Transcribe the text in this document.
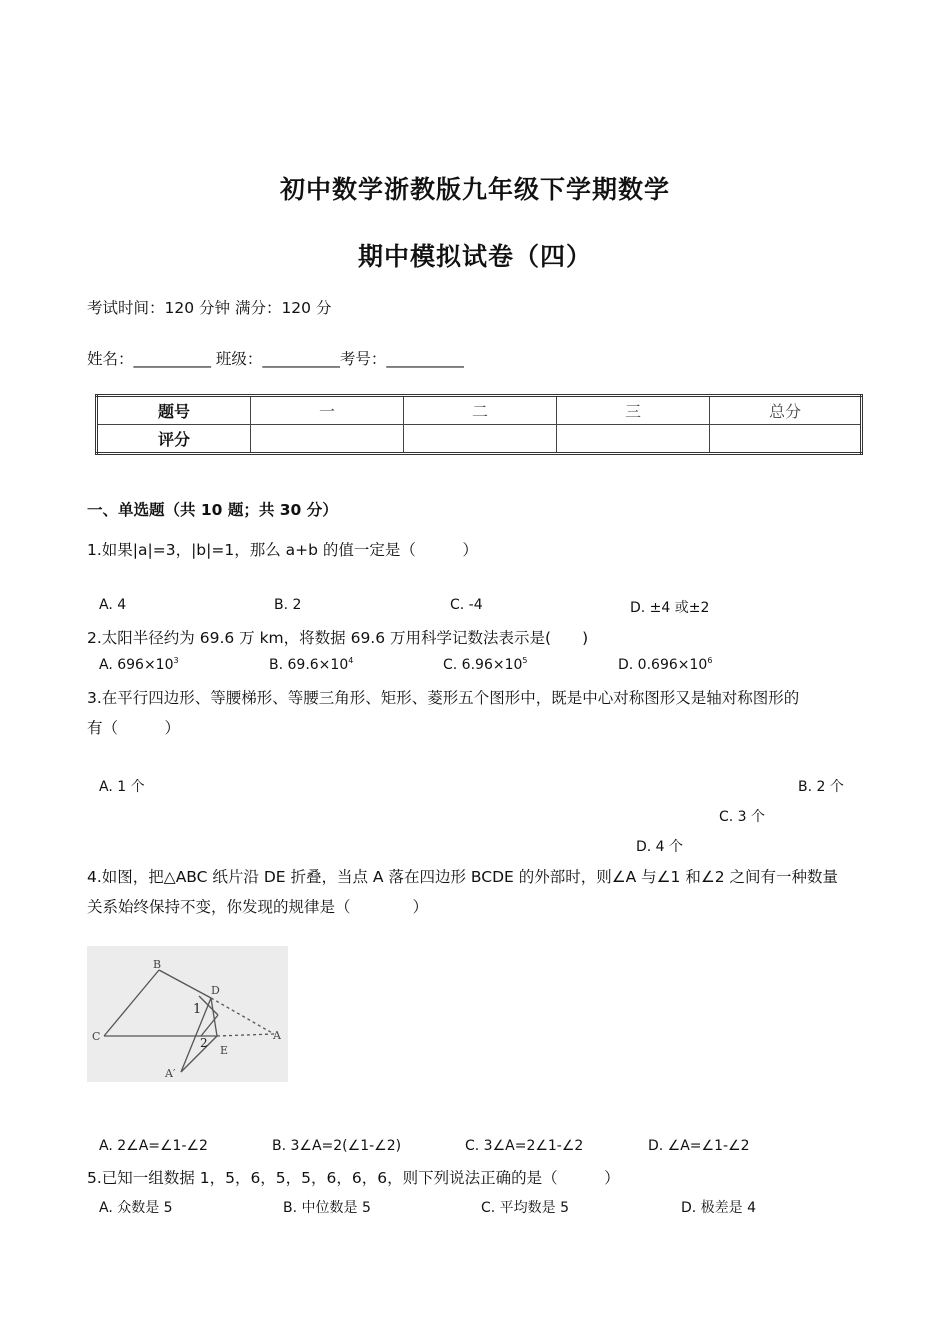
初中数学浙教版九年级下学期数学
期中模拟试卷（四）
考试时间：120 分钟 满分：120 分
姓名：__________ 班级：__________考号：__________
题号	一	二	三	总分
评分				
一、单选题（共 10 题；共 30 分）
1.如果|a|=3，|b|=1，那么 a+b 的值一定是（　　　）
A. 4	B. 2	C. -4	D. ±4 或±2
2.太阳半径约为 69.6 万 km，将数据 69.6 万用科学记数法表示是(　　)
A. $696\times 10^3$	B. $69.6\times 10^4$	C. $6.96\times 10^5$	D. $0.696\times 10^6$
3.在平行四边形、等腰梯形、等腰三角形、矩形、菱形五个图形中，既是中心对称图形又是轴对称图形的
有（　　　）
A. 1 个	B. 2 个
C. 3 个
D. 4 个
4.如图，把△ABC 纸片沿 DE 折叠，当点 A 落在四边形 BCDE 的外部时，则∠A 与∠1 和∠2 之间有一种数量
关系始终保持不变，你发现的规律是（　　　　）
B
D
C	A
E
A′
1
2
A. 2∠A=∠1-∠2	B. 3∠A=2(∠1-∠2)	C. 3∠A=2∠1-∠2	D. ∠A=∠1-∠2
5.已知一组数据 1，5，6，5，5，6，6，6，则下列说法正确的是（　　　）
A. 众数是 5	B. 中位数是 5	C. 平均数是 5	D. 极差是 4
